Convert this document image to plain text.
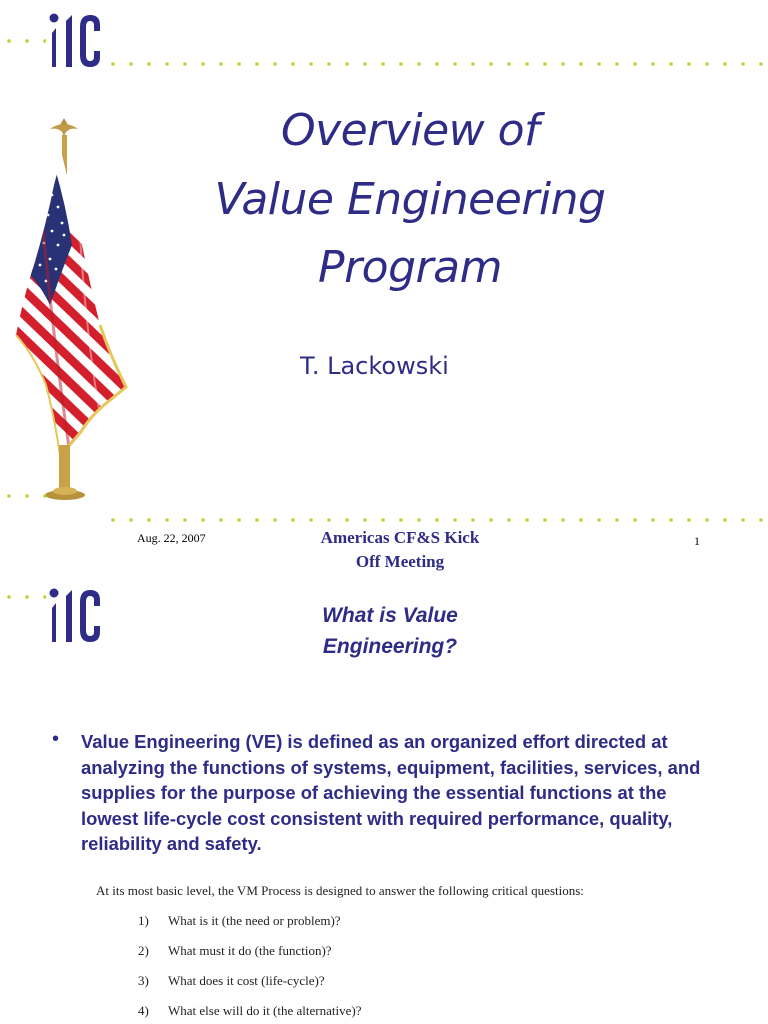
Overview of
Value Engineering
Program
T. Lackowski
Aug. 22, 2007	Americas CF&S Kick
Off Meeting
1
What is Value
Engineering?
• Value Engineering (VE) is defined as an organized effort directed at analyzing the functions of systems, equipment, facilities, services, and supplies for the purpose of achieving the essential functions at the lowest life-cycle cost consistent with required performance, quality, reliability and safety.
At its most basic level, the VM Process is designed to answer the following critical questions:
1) What is it (the need or problem)?
2) What must it do (the function)?
3) What does it cost (life-cycle)?
4) What else will do it (the alternative)?
